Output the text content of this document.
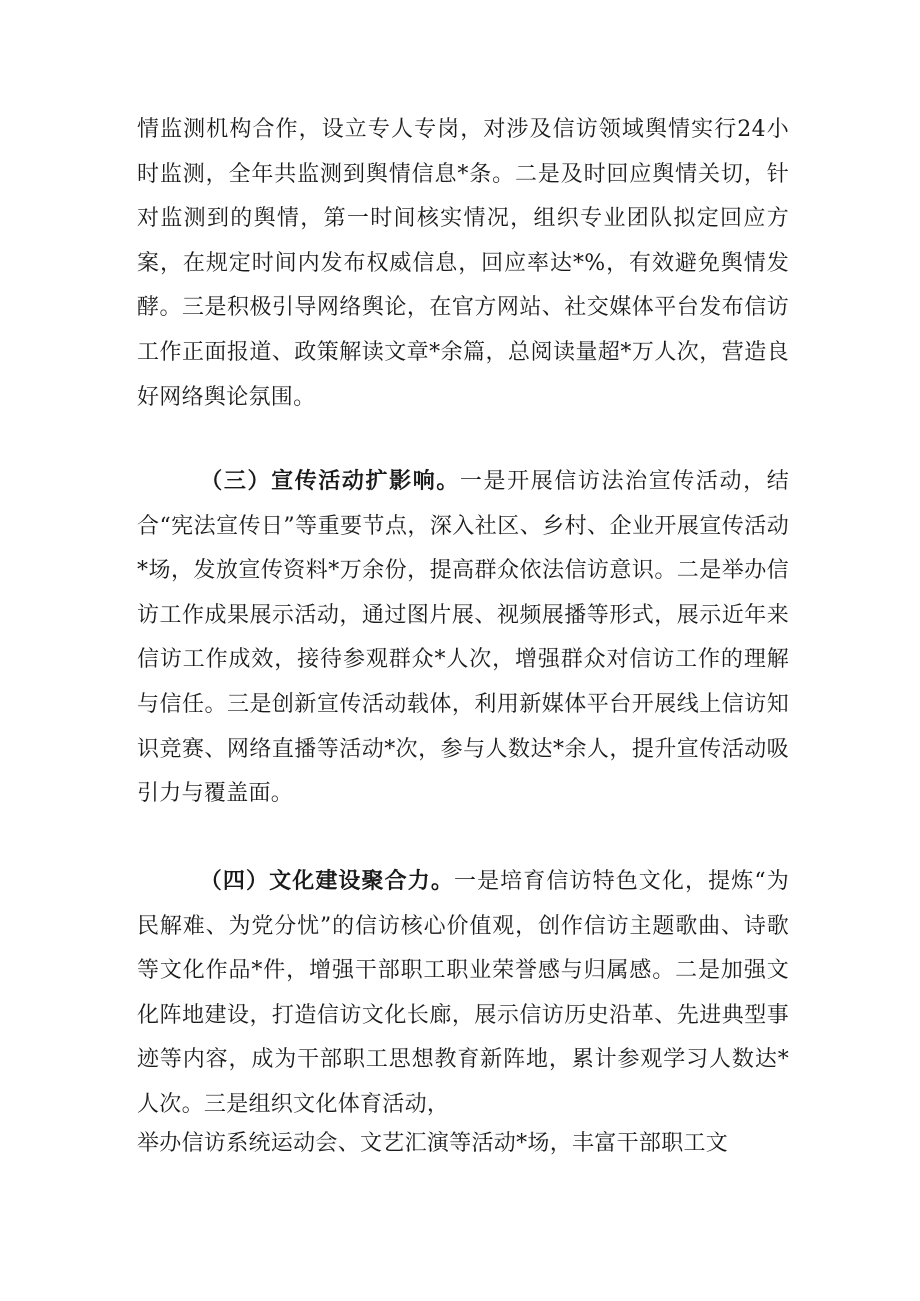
情监测机构合作，设立专人专岗，对涉及信访领域舆情实行24小时监测，全年共监测到舆情信息*条。二是及时回应舆情关切，针对监测到的舆情，第一时间核实情况，组织专业团队拟定回应方案，在规定时间内发布权威信息，回应率达*%，有效避免舆情发酵。三是积极引导网络舆论，在官方网站、社交媒体平台发布信访工作正面报道、政策解读文章*余篇，总阅读量超*万人次，营造良好网络舆论氛围。

（三）宣传活动扩影响。一是开展信访法治宣传活动，结合“宪法宣传日”等重要节点，深入社区、乡村、企业开展宣传活动*场，发放宣传资料*万余份，提高群众依法信访意识。二是举办信访工作成果展示活动，通过图片展、视频展播等形式，展示近年来信访工作成效，接待参观群众*人次，增强群众对信访工作的理解与信任。三是创新宣传活动载体，利用新媒体平台开展线上信访知识竞赛、网络直播等活动*次，参与人数达*余人，提升宣传活动吸引力与覆盖面。

（四）文化建设聚合力。一是培育信访特色文化，提炼“为民解难、为党分忧”的信访核心价值观，创作信访主题歌曲、诗歌等文化作品*件，增强干部职工职业荣誉感与归属感。二是加强文化阵地建设，打造信访文化长廊，展示信访历史沿革、先进典型事迹等内容，成为干部职工思想教育新阵地，累计参观学习人数达*人次。三是组织文化体育活动，

举办信访系统运动会、文艺汇演等活动*场，丰富干部职工文
